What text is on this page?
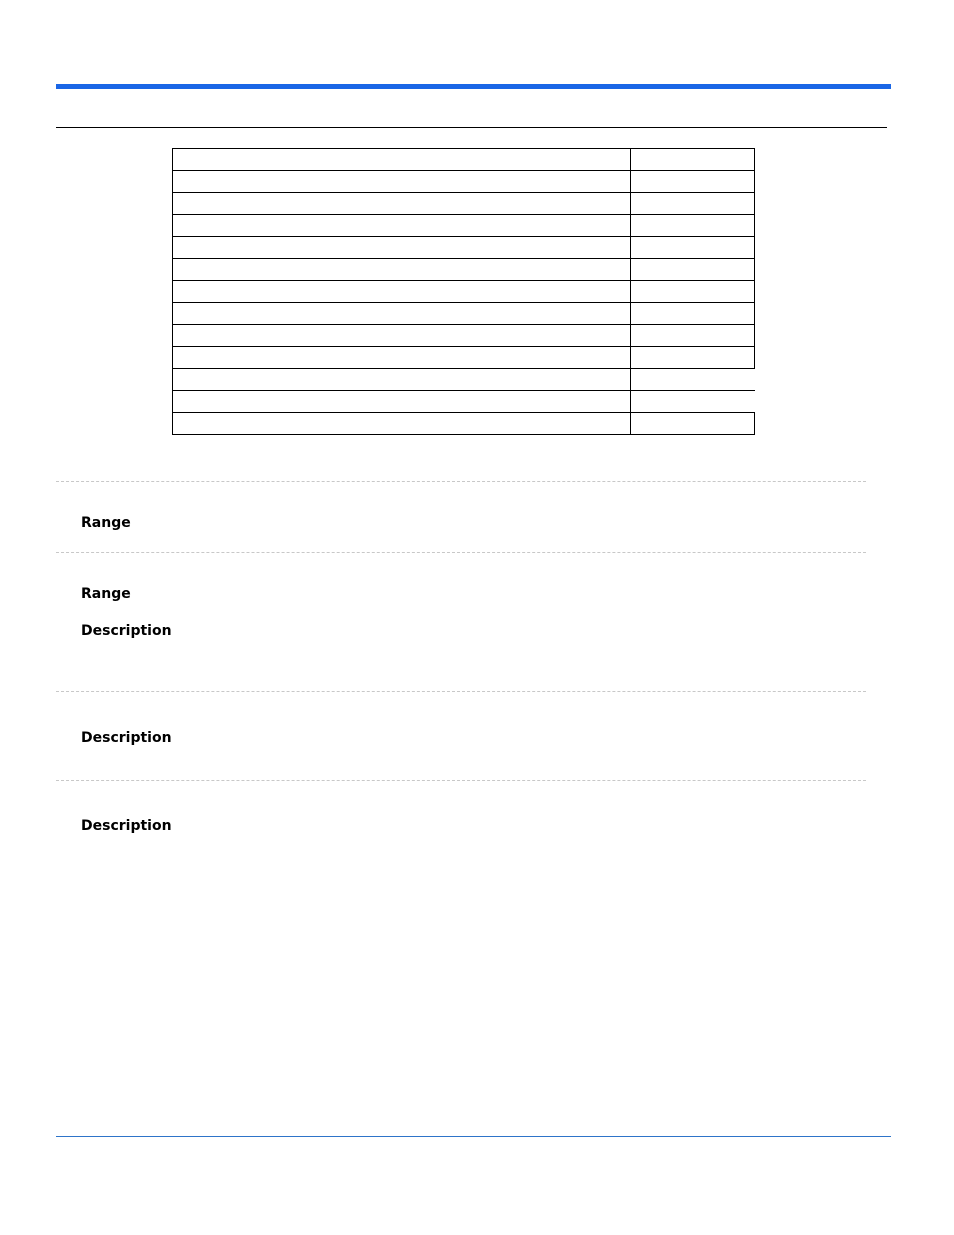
Range

Range

Description

Description

Description
